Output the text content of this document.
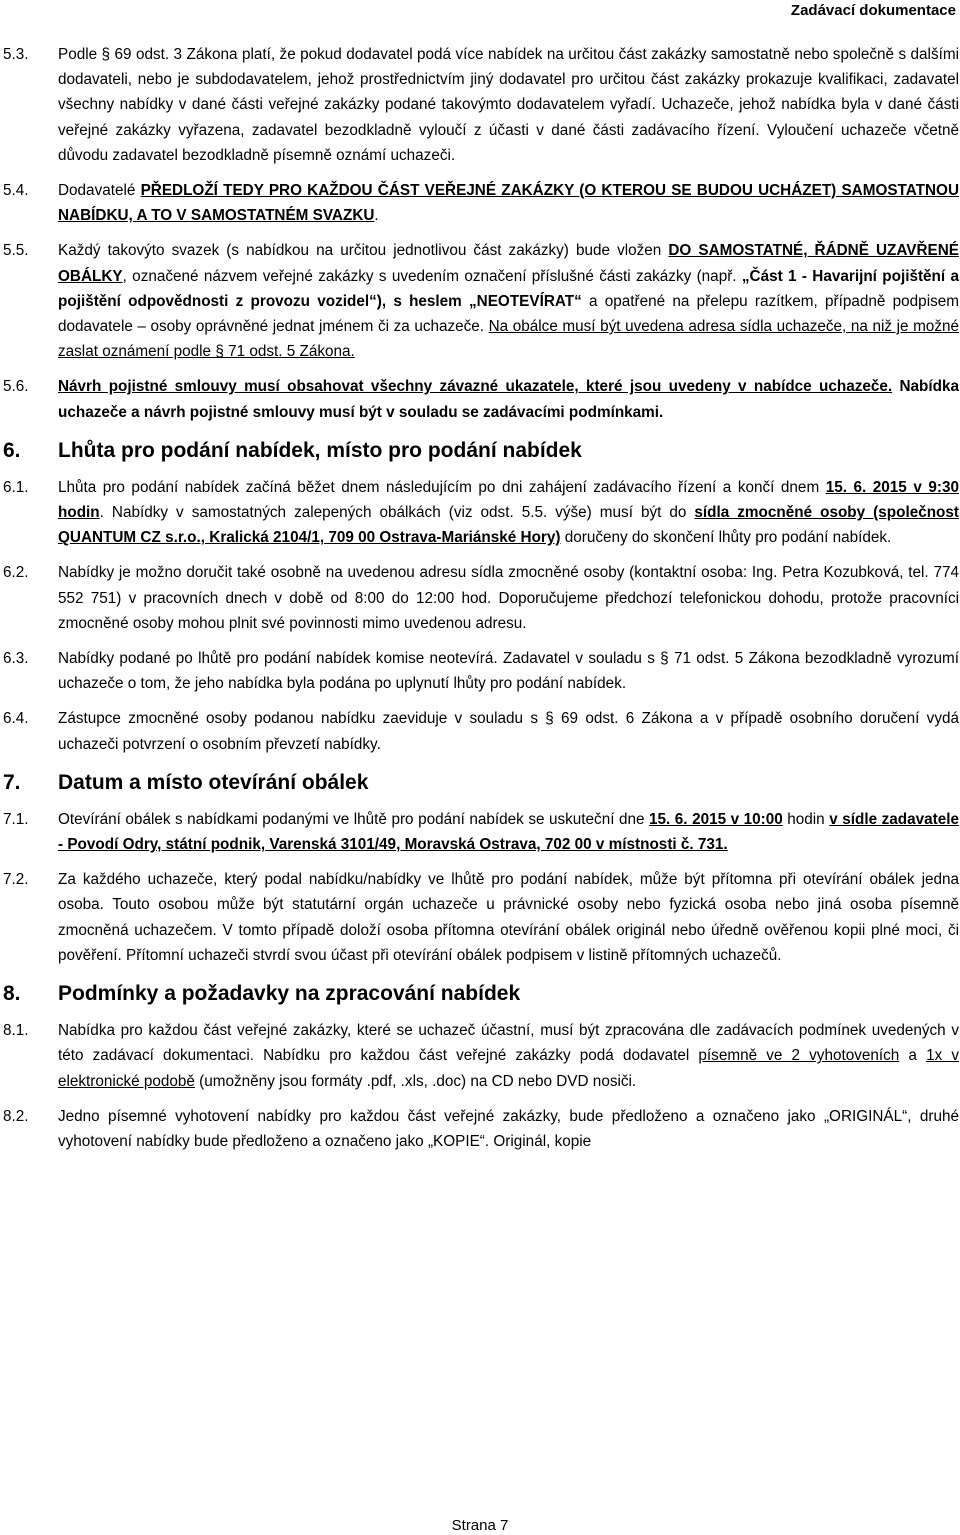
Zadávací dokumentace
5.3.	Podle § 69 odst. 3 Zákona platí, že pokud dodavatel podá více nabídek na určitou část zakázky samostatně nebo společně s dalšími dodavateli, nebo je subdodavatelem, jehož prostřednictvím jiný dodavatel pro určitou část zakázky prokazuje kvalifikaci, zadavatel všechny nabídky v dané části veřejné zakázky podané takovýmto dodavatelem vyřadí. Uchazeče, jehož nabídka byla v dané části veřejné zakázky vyřazena, zadavatel bezodkladně vyloučí z účasti v dané části zadávacího řízení. Vyloučení uchazeče včetně důvodu zadavatel bezodkladně písemně oznámí uchazeči.
5.4.	Dodavatelé PŘEDLOŽÍ TEDY PRO KAŽDOU ČÁST VEŘEJNÉ ZAKÁZKY (O KTEROU SE BUDOU UCHÁZET) SAMOSTATNOU NABÍDKU, A TO V SAMOSTATNÉM SVAZKU.
5.5.	Každý takovýto svazek (s nabídkou na určitou jednotlivou část zakázky) bude vložen DO SAMOSTATNÉ, ŘÁDNĚ UZAVŘENÉ OBÁLKY, označené názvem veřejné zakázky s uvedením označení příslušné části zakázky (např. „Část 1 - Havarijní pojištění a pojištění odpovědnosti z provozu vozidel“), s heslem „NEOTEVÍRAT“ a opatřené na přelepu razítkem, případně podpisem dodavatele – osoby oprávněné jednat jménem či za uchazeče. Na obálce musí být uvedena adresa sídla uchazeče, na niž je možné zaslat oznámení podle § 71 odst. 5 Zákona.
5.6.	Návrh pojistné smlouvy musí obsahovat všechny závazné ukazatele, které jsou uvedeny v nabídce uchazeče. Nabídka uchazeče a návrh pojistné smlouvy musí být v souladu se zadávacími podmínkami.
6.	Lhůta pro podání nabídek, místo pro podání nabídek
6.1.	Lhůta pro podání nabídek začíná běžet dnem následujícím po dni zahájení zadávacího řízení a končí dnem 15. 6. 2015 v 9:30 hodin. Nabídky v samostatných zalepených obálkách (viz odst. 5.5. výše) musí být do sídla zmocněné osoby (společnost QUANTUM CZ s.r.o., Kralická 2104/1, 709 00 Ostrava-Mariánské Hory) doručeny do skončení lhůty pro podání nabídek.
6.2.	Nabídky je možno doručit také osobně na uvedenou adresu sídla zmocněné osoby (kontaktní osoba: Ing. Petra Kozubková, tel. 774 552 751) v pracovních dnech v době od 8:00 do 12:00 hod. Doporučujeme předchozí telefonickou dohodu, protože pracovníci zmocněné osoby mohou plnit své povinnosti mimo uvedenou adresu.
6.3.	Nabídky podané po lhůtě pro podání nabídek komise neotevírá. Zadavatel v souladu s § 71 odst. 5 Zákona bezodkladně vyrozumí uchazeče o tom, že jeho nabídka byla podána po uplynutí lhůty pro podání nabídek.
6.4.	Zástupce zmocněné osoby podanou nabídku zaeviduje v souladu s § 69 odst. 6 Zákona a v případě osobního doručení vydá uchazeči potvrzení o osobním převzetí nabídky.
7.	Datum a místo otevírání obálek
7.1.	Otevírání obálek s nabídkami podanými ve lhůtě pro podání nabídek se uskuteční dne 15. 6. 2015 v 10:00 hodin v sídle zadavatele - Povodí Odry, státní podnik, Varenská 3101/49, Moravská Ostrava, 702 00 v místnosti č. 731.
7.2.	Za každého uchazeče, který podal nabídku/nabídky ve lhůtě pro podání nabídek, může být přítomna při otevírání obálek jedna osoba. Touto osobou může být statutární orgán uchazeče u právnické osoby nebo fyzická osoba nebo jiná osoba písemně zmocněná uchazečem. V tomto případě doloží osoba přítomna otevírání obálek originál nebo úředně ověřenou kopii plné moci, či pověření. Přítomní uchazeči stvrdí svou účast při otevírání obálek podpisem v listině přítomných uchazečů.
8.	Podmínky a požadavky na zpracování nabídek
8.1.	Nabídka pro každou část veřejné zakázky, které se uchazeč účastní, musí být zpracována dle zadávacích podmínek uvedených v této zadávací dokumentaci. Nabídku pro každou část veřejné zakázky podá dodavatel písemně ve 2 vyhotoveních a 1x v elektronické podobě (umožněny jsou formáty .pdf, .xls, .doc) na CD nebo DVD nosiči.
8.2.	Jedno písemné vyhotovení nabídky pro každou část veřejné zakázky, bude předloženo a označeno jako „ORIGINÁL“, druhé vyhotovení nabídky bude předloženo a označeno jako „KOPIE“. Originál, kopie
Strana 7
